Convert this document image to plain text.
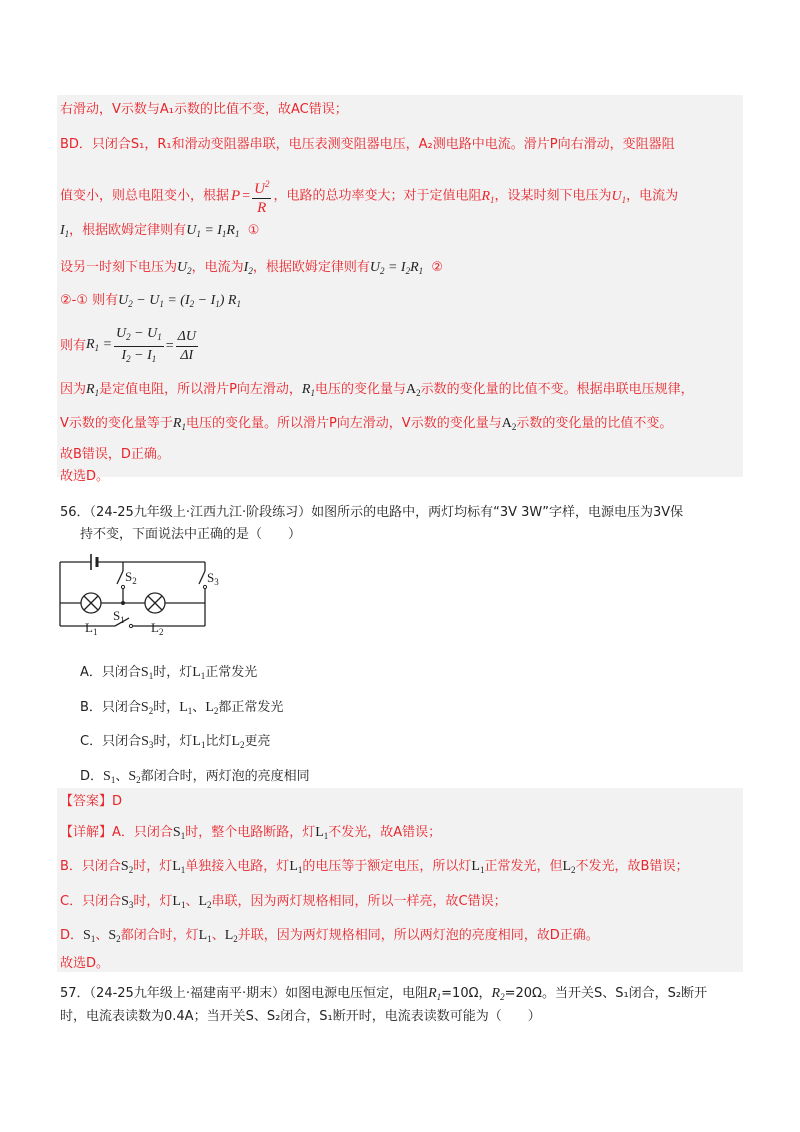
右滑动，V示数与A₁示数的比值不变，故AC错误；
BD．只闭合S₁，R₁和滑动变阻器串联，电压表测变阻器电压，A₂测电路中电流。滑片P向右滑动，变阻器阻
值变小，则总电阻变小，根据 $P = \frac{U^2}{R}$ ，电路的总功率变大；对于定值电阻$R_1$，设某时刻下电压为$U_1$，电流为
$I_1$，根据欧姆定律则有$U_1 = I_1R_1$ ①
设另一时刻下电压为$U_2$，电流为$I_2$，根据欧姆定律则有$U_2 = I_2R_1$ ②
②-① 则有$U_2 - U_1 = (I_2 - I_1)$ $R_1$
则有$R_1 = \frac{U_2 - U_1}{I_2 - I_1} = \frac{\Delta U}{\Delta I}$
因为$R_1$是定值电阻，所以滑片P向左滑动，$R_1$电压的变化量与$A_2$示数的变化量的比值不变。根据串联电压规律，
V示数的变化量等于$R_1$电压的变化量。所以滑片P向左滑动，V示数的变化量与$A_2$示数的变化量的比值不变。
故B错误，D正确。
故选D。
56．（24-25九年级上·江西九江·阶段练习）如图所示的电路中，两灯均标有“3V 3W”字样，电源电压为3V保
持不变，下面说法中正确的是（　　）
$S_2$	$S_3$
$L_1$
$S_1$ $L_2$
A．只闭合$S_1$时，灯$L_1$正常发光
B．只闭合$S_2$时，$L_1$、$L_2$都正常发光
C．只闭合$S_3$时，灯$L_1$比灯$L_2$更亮
D．$S_1$、$S_2$都闭合时，两灯泡的亮度相同
【答案】D
【详解】A．只闭合$S_1$时，整个电路断路，灯$L_1$不发光，故A错误；
B．只闭合$S_2$时，灯$L_1$单独接入电路，灯$L_1$的电压等于额定电压，所以灯$L_1$正常发光，但$L_2$不发光，故B错误；
C．只闭合$S_3$时，灯$L_1$、$L_2$串联，因为两灯规格相同，所以一样亮，故C错误；
D．$S_1$、$S_2$都闭合时，灯$L_1$、$L_2$并联，因为两灯规格相同，所以两灯泡的亮度相同，故D正确。
故选D。
57．（24-25九年级上·福建南平·期末）如图电源电压恒定，电阻$R_1=10\Omega$，$R_2=20\Omega$。当开关S、S₁闭合，S₂断开
时，电流表读数为0.4A；当开关S、S₂闭合，S₁断开时，电流表读数可能为（　　）
